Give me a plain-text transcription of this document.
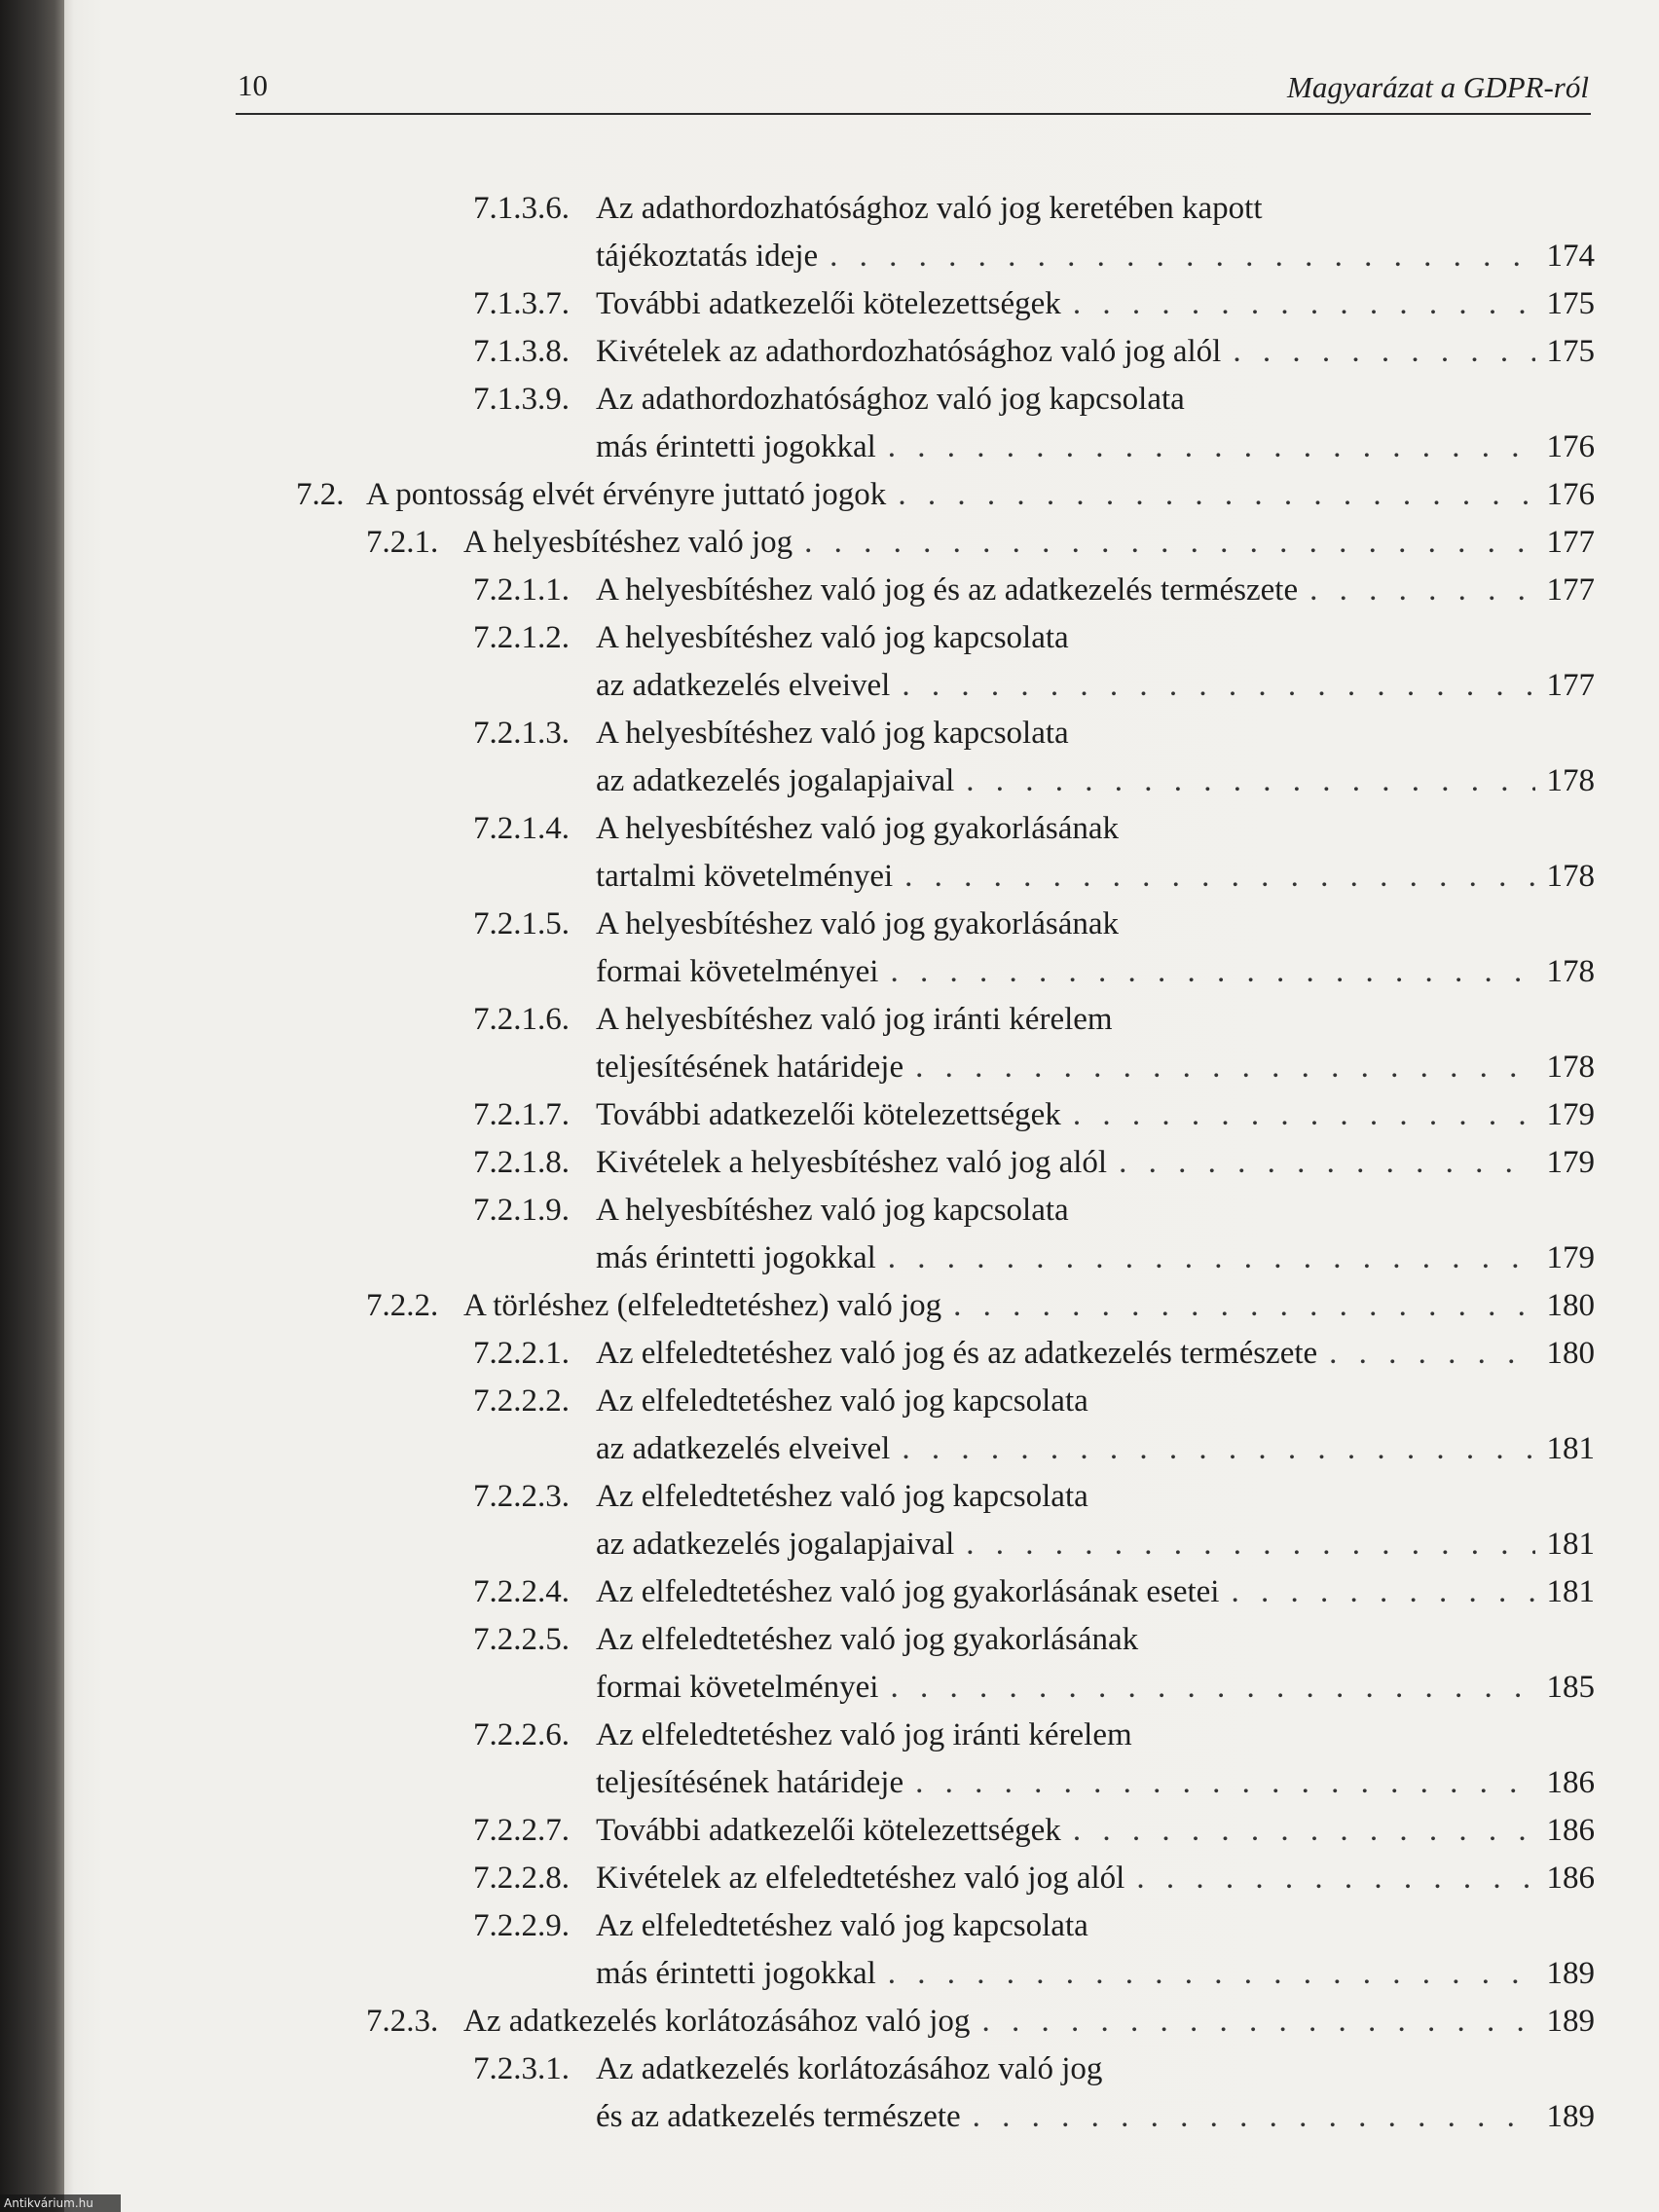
10	Magyarázat a GDPR-ról
7.1.3.6. Az adathordozhatósághoz való jog keretében kapott
tájékoztatás ideje . . .	174
7.1.3.7. További adatkezelői kötelezettségek . . .	175
7.1.3.8. Kivételek az adathordozhatósághoz való jog alól . . .	175
7.1.3.9. Az adathordozhatósághoz való jog kapcsolata
más érintetti jogokkal . . .	176
7.2. A pontosság elvét érvényre juttató jogok . . .	176
7.2.1. A helyesbítéshez való jog . . .	177
7.2.1.1. A helyesbítéshez való jog és az adatkezelés természete . . .	177
7.2.1.2. A helyesbítéshez való jog kapcsolata
az adatkezelés elveivel . . .	177
7.2.1.3. A helyesbítéshez való jog kapcsolata
az adatkezelés jogalapjaival . . .	178
7.2.1.4. A helyesbítéshez való jog gyakorlásának
tartalmi követelményei . . .	178
7.2.1.5. A helyesbítéshez való jog gyakorlásának
formai követelményei . . .	178
7.2.1.6. A helyesbítéshez való jog iránti kérelem
teljesítésének határideje . . .	178
7.2.1.7. További adatkezelői kötelezettségek . . .	179
7.2.1.8. Kivételek a helyesbítéshez való jog alól . . .	179
7.2.1.9. A helyesbítéshez való jog kapcsolata
más érintetti jogokkal . . .	179
7.2.2. A törléshez (elfeledtetéshez) való jog . . .	180
7.2.2.1. Az elfeledtetéshez való jog és az adatkezelés természete . . .	180
7.2.2.2. Az elfeledtetéshez való jog kapcsolata
az adatkezelés elveivel . . .	181
7.2.2.3. Az elfeledtetéshez való jog kapcsolata
az adatkezelés jogalapjaival . . .	181
7.2.2.4. Az elfeledtetéshez való jog gyakorlásának esetei . . .	181
7.2.2.5. Az elfeledtetéshez való jog gyakorlásának
formai követelményei . . .	185
7.2.2.6. Az elfeledtetéshez való jog iránti kérelem
teljesítésének határideje . . .	186
7.2.2.7. További adatkezelői kötelezettségek . . .	186
7.2.2.8. Kivételek az elfeledtetéshez való jog alól . . .	186
7.2.2.9. Az elfeledtetéshez való jog kapcsolata
más érintetti jogokkal . . .	189
7.2.3. Az adatkezelés korlátozásához való jog . . .	189
7.2.3.1. Az adatkezelés korlátozásához való jog
és az adatkezelés természete . . .	189
Antikvárium.hu
